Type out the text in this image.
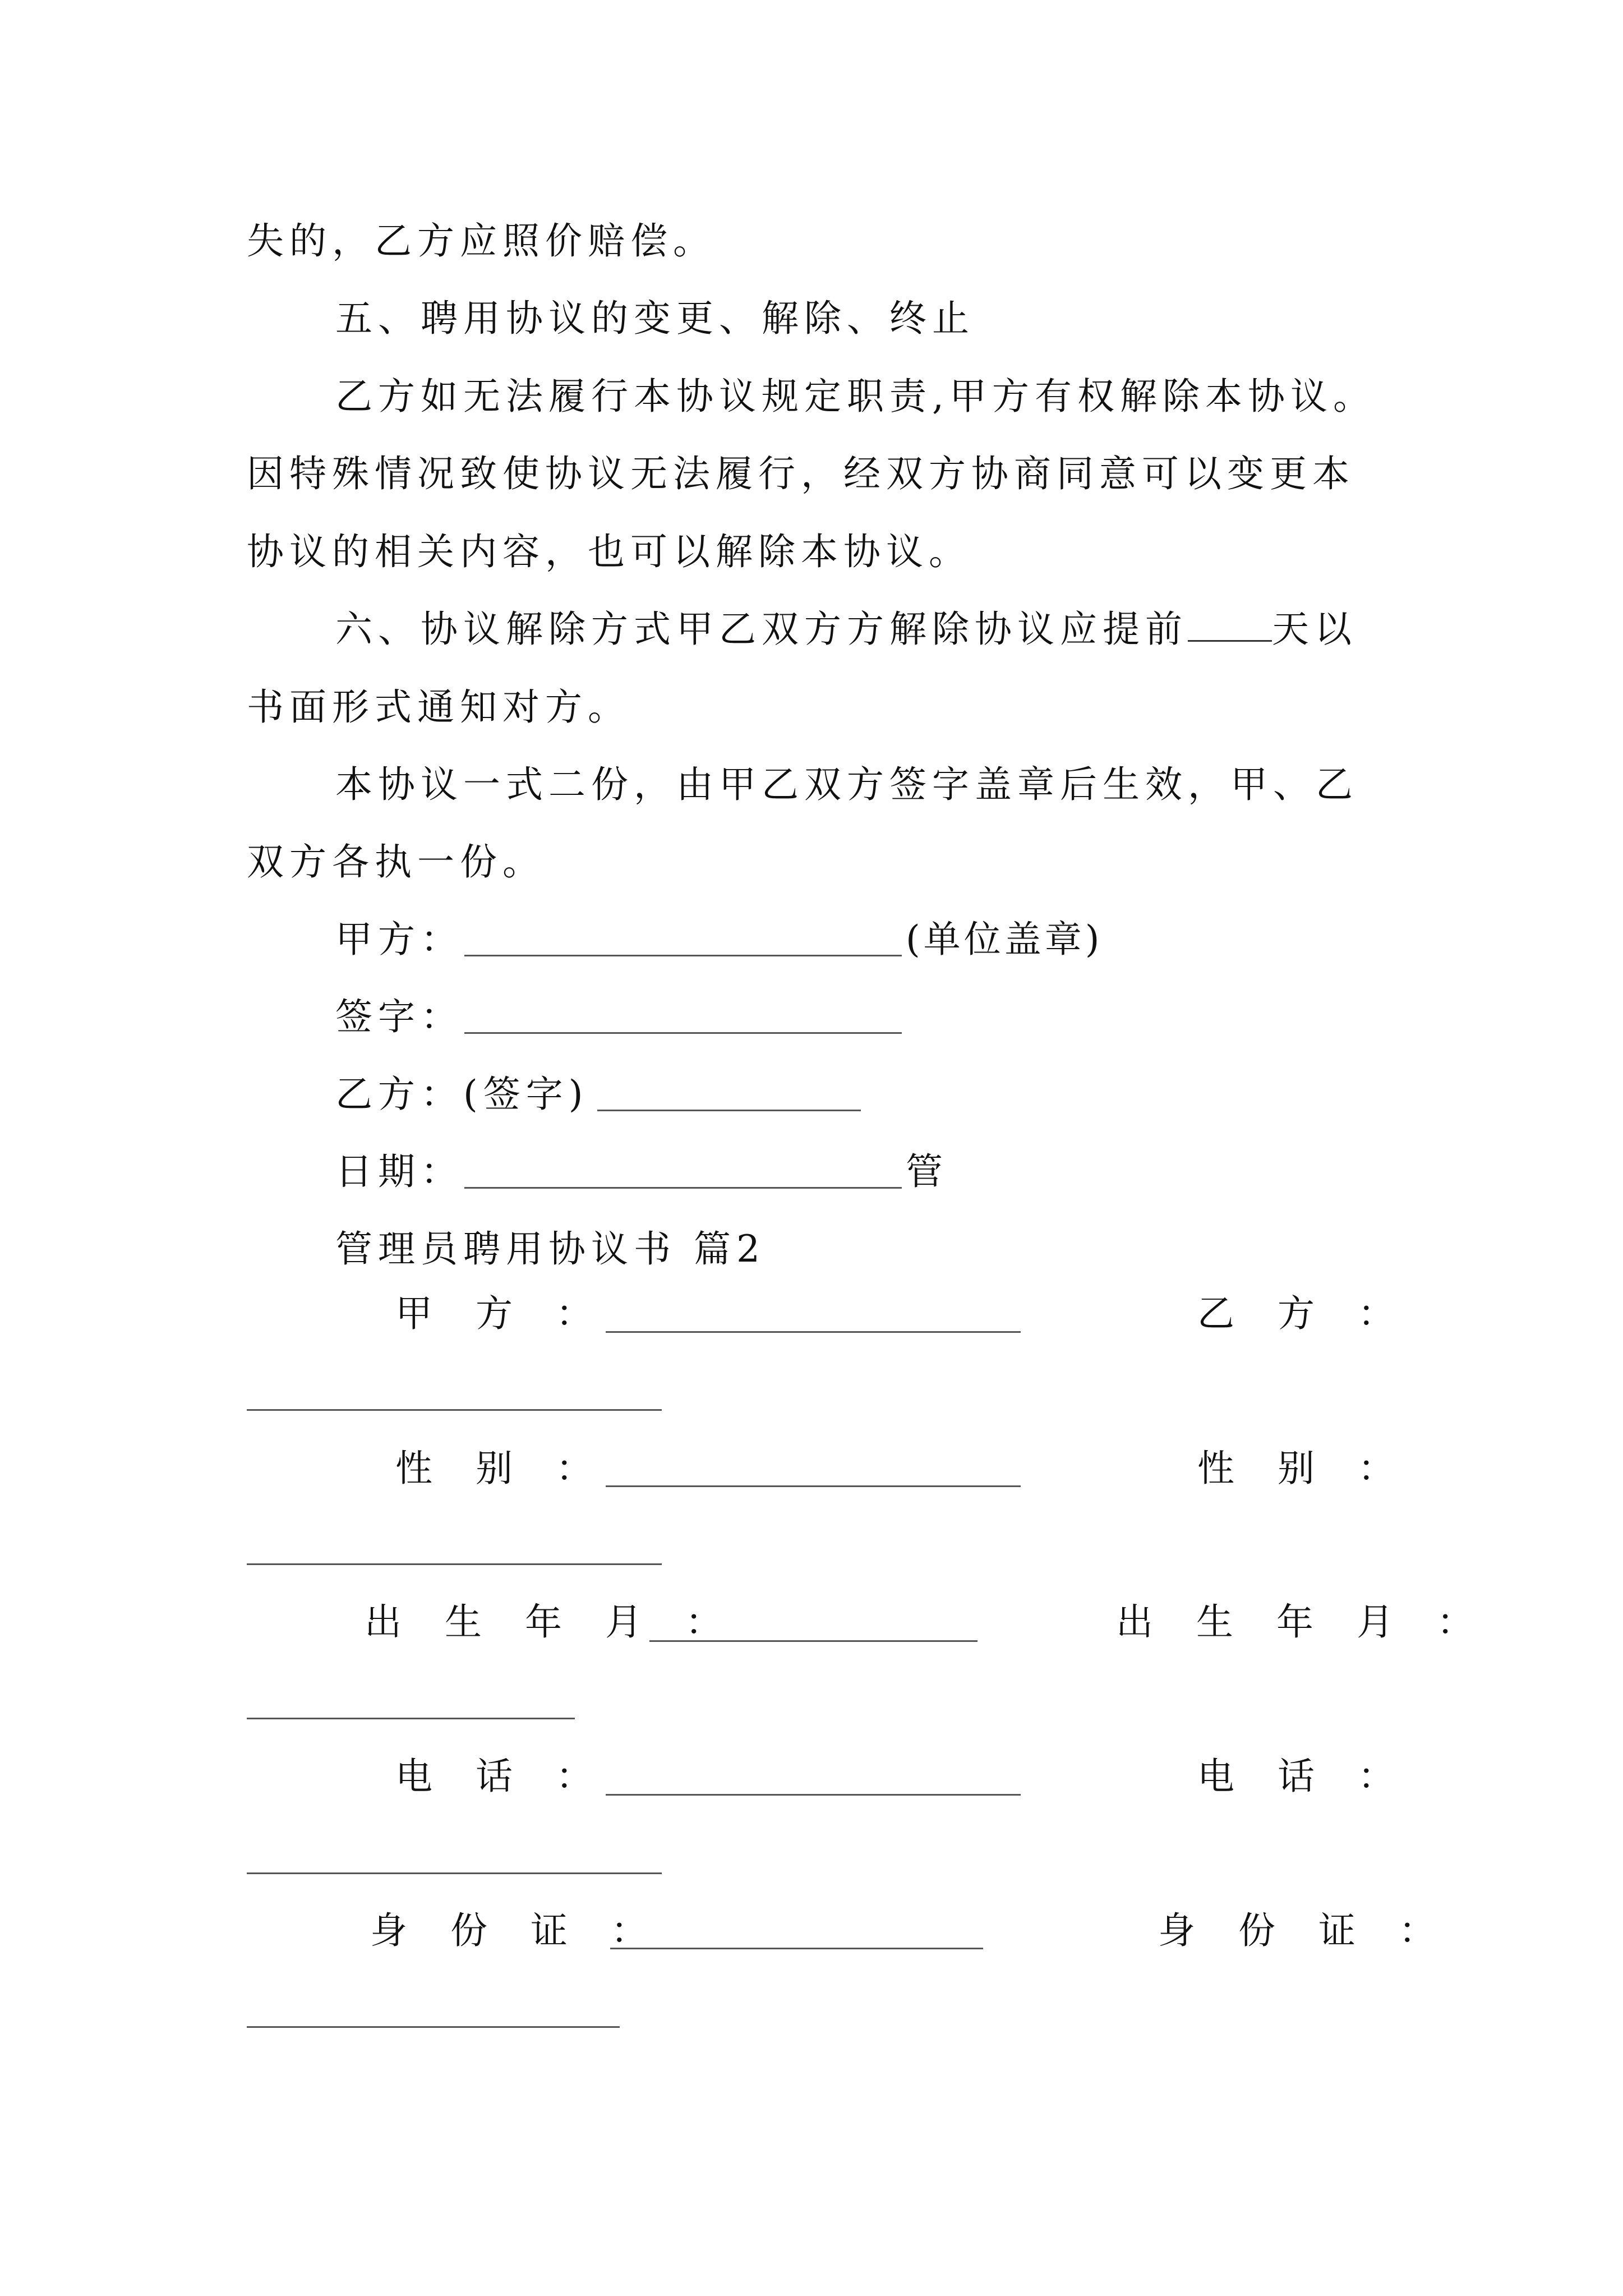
失的，乙方应照价赔偿。
五、聘用协议的变更、解除、终止
乙方如无法履行本协议规定职责,甲方有权解除本协议。
因特殊情况致使协议无法履行，经双方协商同意可以变更本
协议的相关内容，也可以解除本协议。
六、协议解除方式甲乙双方方解除协议应提前 天以
书面形式通知对方。
本协议一式二份，由甲乙双方签字盖章后生效，甲、乙
双方各执一份。
甲方：	(单位盖章)
签字：
乙方：(签字)
日期：	管
管理员聘用协议书 篇2
甲 方 ：	乙 方 ：
性 别 ：	性 别 ：
出 生 年 月 ：	出 生 年 月 ：
电 话 ：	电 话 ：
身 份 证 ：	身 份 证 ：
